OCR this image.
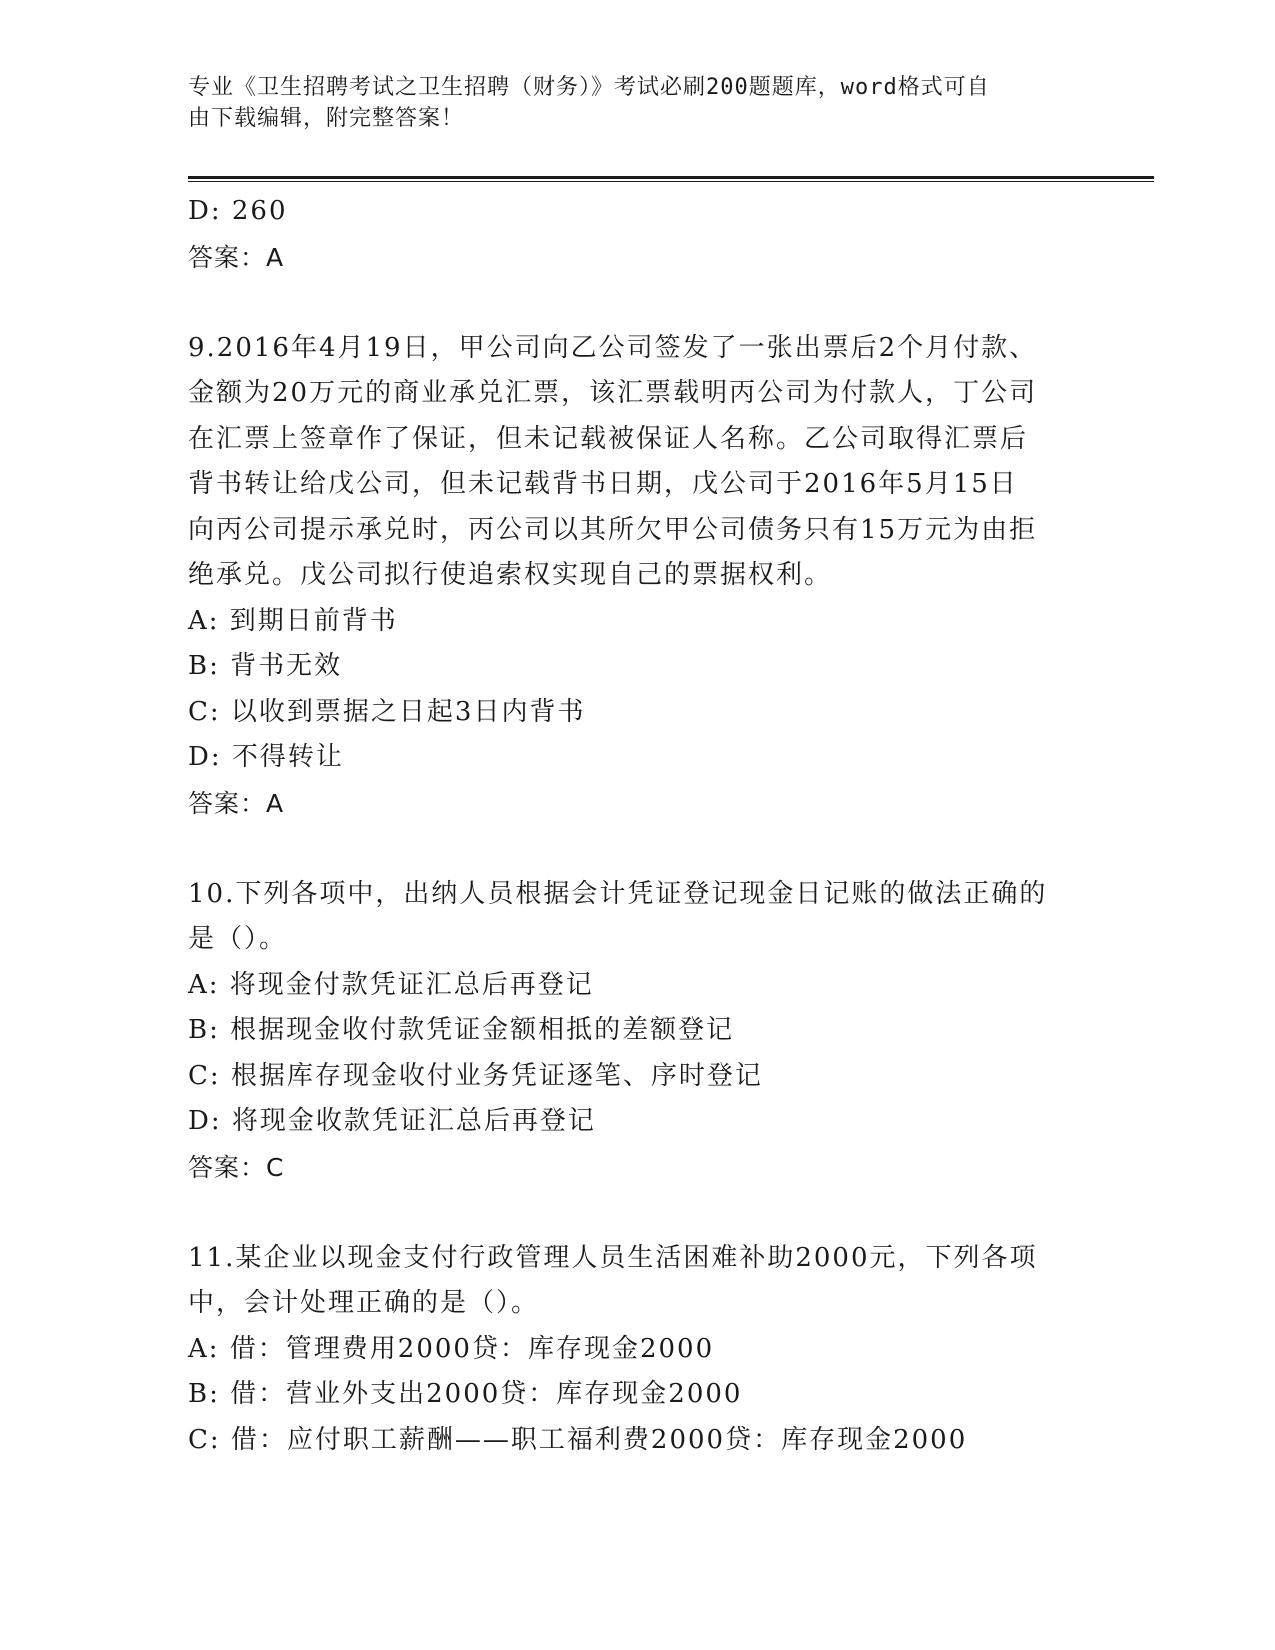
专业《卫生招聘考试之卫生招聘（财务）》考试必刷200题题库，word格式可自
由下载编辑，附完整答案！
D: 260
答案：A
9.2016年4月19日，甲公司向乙公司签发了一张出票后2个月付款、
金额为20万元的商业承兑汇票，该汇票载明丙公司为付款人，丁公司
在汇票上签章作了保证，但未记载被保证人名称。乙公司取得汇票后
背书转让给戊公司，但未记载背书日期，戊公司于2016年5月15日
向丙公司提示承兑时，丙公司以其所欠甲公司债务只有15万元为由拒
绝承兑。戊公司拟行使追索权实现自己的票据权利。
A: 到期日前背书
B: 背书无效
C: 以收到票据之日起3日内背书
D: 不得转让
答案：A
10.下列各项中，出纳人员根据会计凭证登记现金日记账的做法正确的
是（）。
A: 将现金付款凭证汇总后再登记
B: 根据现金收付款凭证金额相抵的差额登记
C: 根据库存现金收付业务凭证逐笔、序时登记
D: 将现金收款凭证汇总后再登记
答案：C
11.某企业以现金支付行政管理人员生活困难补助2000元，下列各项
中，会计处理正确的是（）。
A: 借：管理费用2000贷：库存现金2000
B: 借：营业外支出2000贷：库存现金2000
C: 借：应付职工薪酬——职工福利费2000贷：库存现金2000
